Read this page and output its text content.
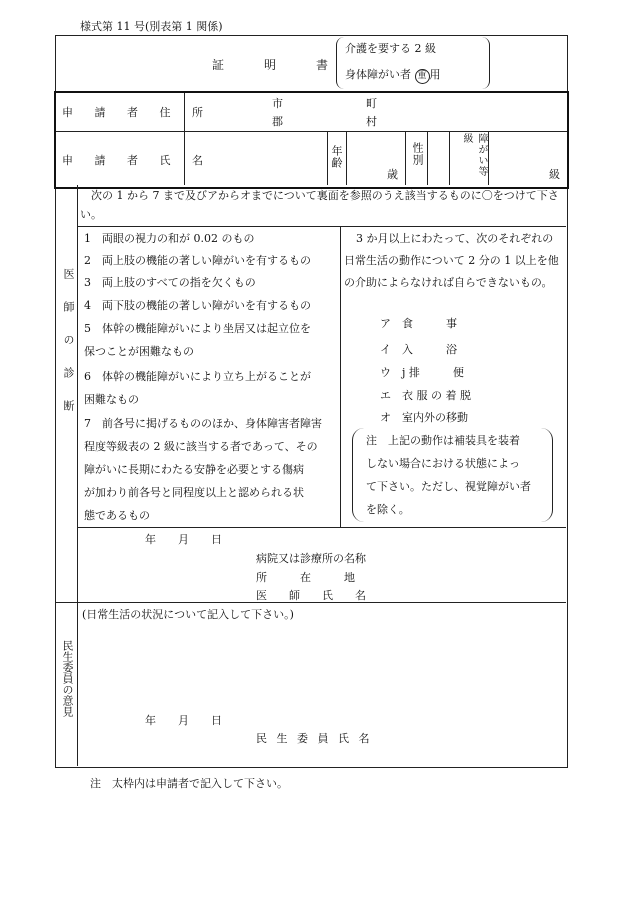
様式第 11 号(別表第 1 関係)
証　明　書
介護を要する 2 級
身体障がい者 重 用
申 請 者 住 所
市	町
郡	村
申 請 者 氏 名	年齢
歳
性別	障がい等級
級
医師の診断
次の 1 から 7 まで及びアからオまでについて裏面を参照のうえ該当するものに〇をつけて下さい。
1　両眼の視力の和が 0.02 のもの
2　両上肢の機能の著しい障がいを有するもの
3　両上肢のすべての指を欠くもの
4　両下肢の機能の著しい障がいを有するもの
5　体幹の機能障がいにより坐居又は起立位を
保つことが困難なもの
6　体幹の機能障がいにより立ち上がることが
困難なもの
7　前各号に掲げるもののほか、身体障害者障害
程度等級表の 2 級に該当する者であって、その
障がいに長期にわたる安静を必要とする傷病
が加わり前各号と同程度以上と認められる状
態であるもの
3 か月以上にわたって、次のそれぞれの
日常生活の動作について 2 分の 1 以上を他
の介助によらなければ自らできないもの。
ア　食　　　事
イ　入　　　浴
ウ　j 排　　　便
エ　衣 服 の 着 脱
オ　室内外の移動
注　上記の動作は補装具を装着
しない場合における状態によっ
て下さい。ただし、視覚障がい者
を除く。
年　　月　　日
病院又は診療所の名称
所　　　在　　　地
医　　師　　氏　　名
民生委員の意見
(日常生活の状況について記入して下さい。)
年　　月　　日
民 生 委 員 氏 名
注　太枠内は申請者で記入して下さい。
